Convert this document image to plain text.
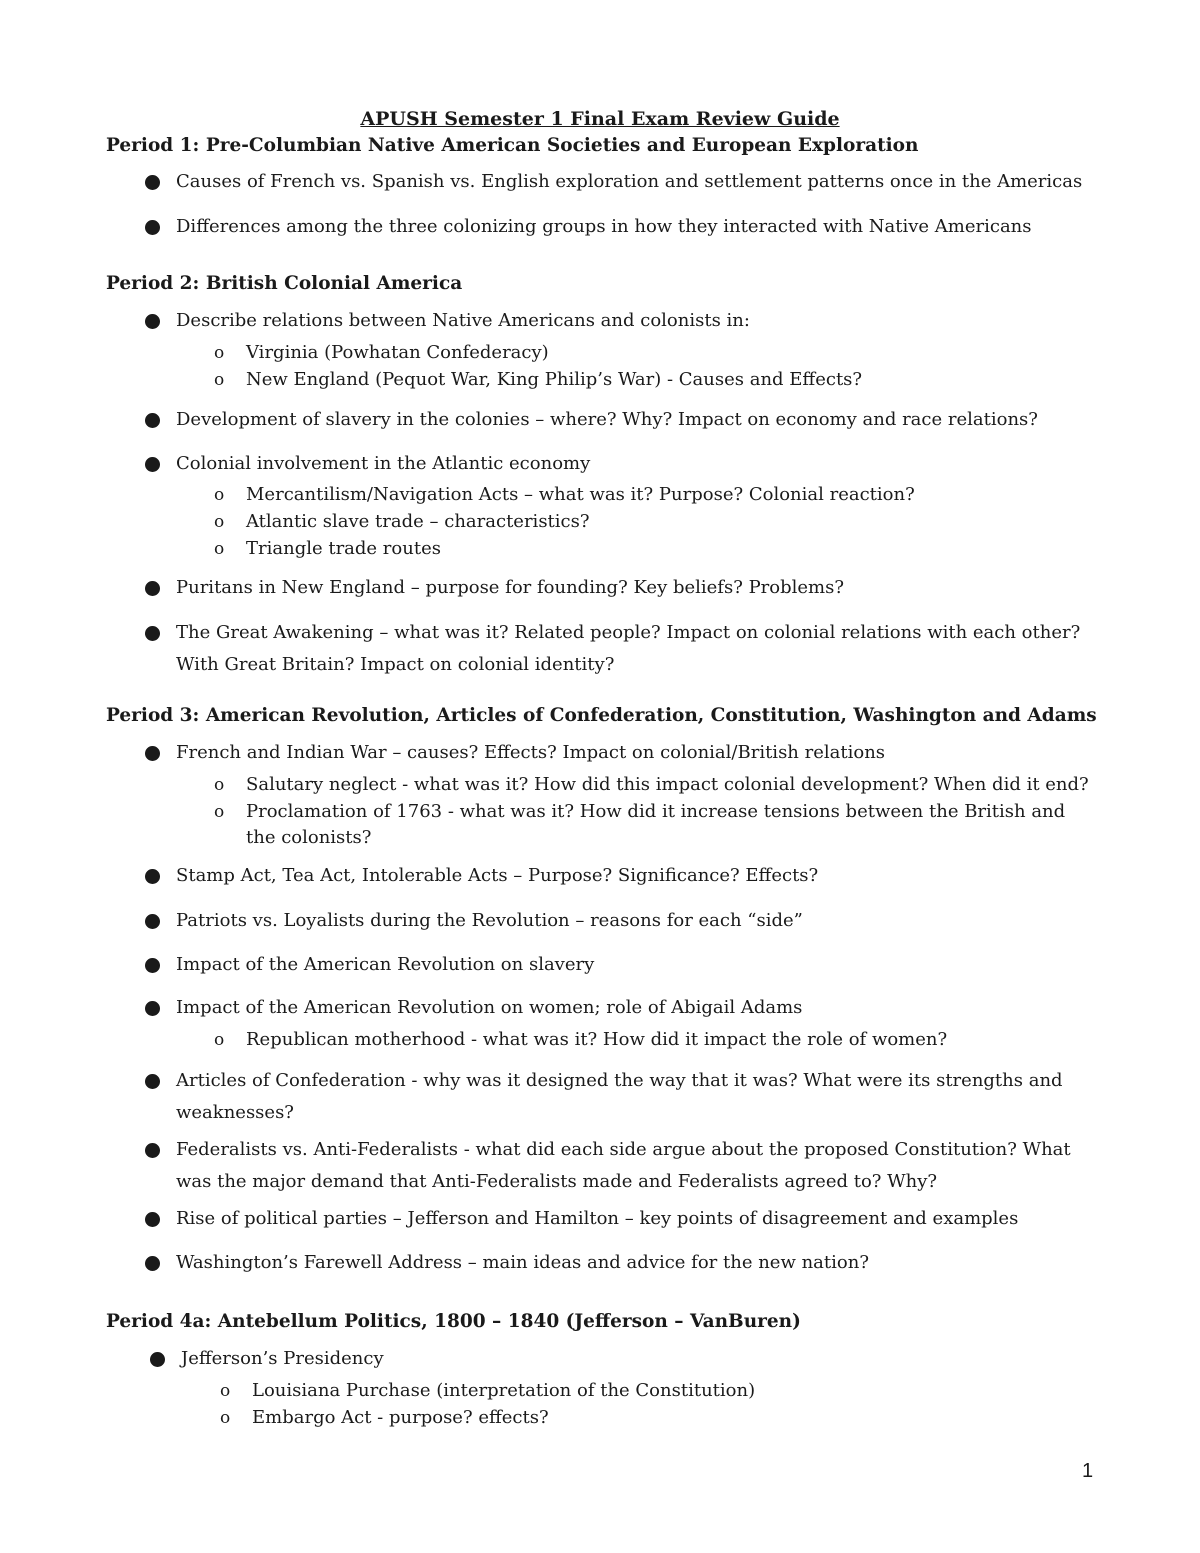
APUSH Semester 1 Final Exam Review Guide
Period 1: Pre-Columbian Native American Societies and European Exploration
Causes of French vs. Spanish vs. English exploration and settlement patterns once in the Americas
Differences among the three colonizing groups in how they interacted with Native Americans
Period 2: British Colonial America
Describe relations between Native Americans and colonists in:
o Virginia (Powhatan Confederacy)
o New England (Pequot War, King Philip’s War) - Causes and Effects?
Development of slavery in the colonies – where? Why? Impact on economy and race relations?
Colonial involvement in the Atlantic economy
o Mercantilism/Navigation Acts – what was it? Purpose? Colonial reaction?
o Atlantic slave trade – characteristics?
o Triangle trade routes
Puritans in New England – purpose for founding? Key beliefs? Problems?
The Great Awakening – what was it? Related people? Impact on colonial relations with each other?
With Great Britain? Impact on colonial identity?
Period 3: American Revolution, Articles of Confederation, Constitution, Washington and Adams
French and Indian War – causes? Effects? Impact on colonial/British relations
o Salutary neglect - what was it? How did this impact colonial development? When did it end?
o Proclamation of 1763 - what was it? How did it increase tensions between the British and
the colonists?
Stamp Act, Tea Act, Intolerable Acts – Purpose? Significance? Effects?
Patriots vs. Loyalists during the Revolution – reasons for each “side”
Impact of the American Revolution on slavery
Impact of the American Revolution on women; role of Abigail Adams
o Republican motherhood - what was it? How did it impact the role of women?
Articles of Confederation - why was it designed the way that it was? What were its strengths and
weaknesses?
Federalists vs. Anti-Federalists - what did each side argue about the proposed Constitution? What
was the major demand that Anti-Federalists made and Federalists agreed to? Why?
Rise of political parties – Jefferson and Hamilton – key points of disagreement and examples
Washington’s Farewell Address – main ideas and advice for the new nation?
Period 4a: Antebellum Politics, 1800 – 1840 (Jefferson – VanBuren)
Jefferson’s Presidency
o Louisiana Purchase (interpretation of the Constitution)
o Embargo Act - purpose? effects?
1
